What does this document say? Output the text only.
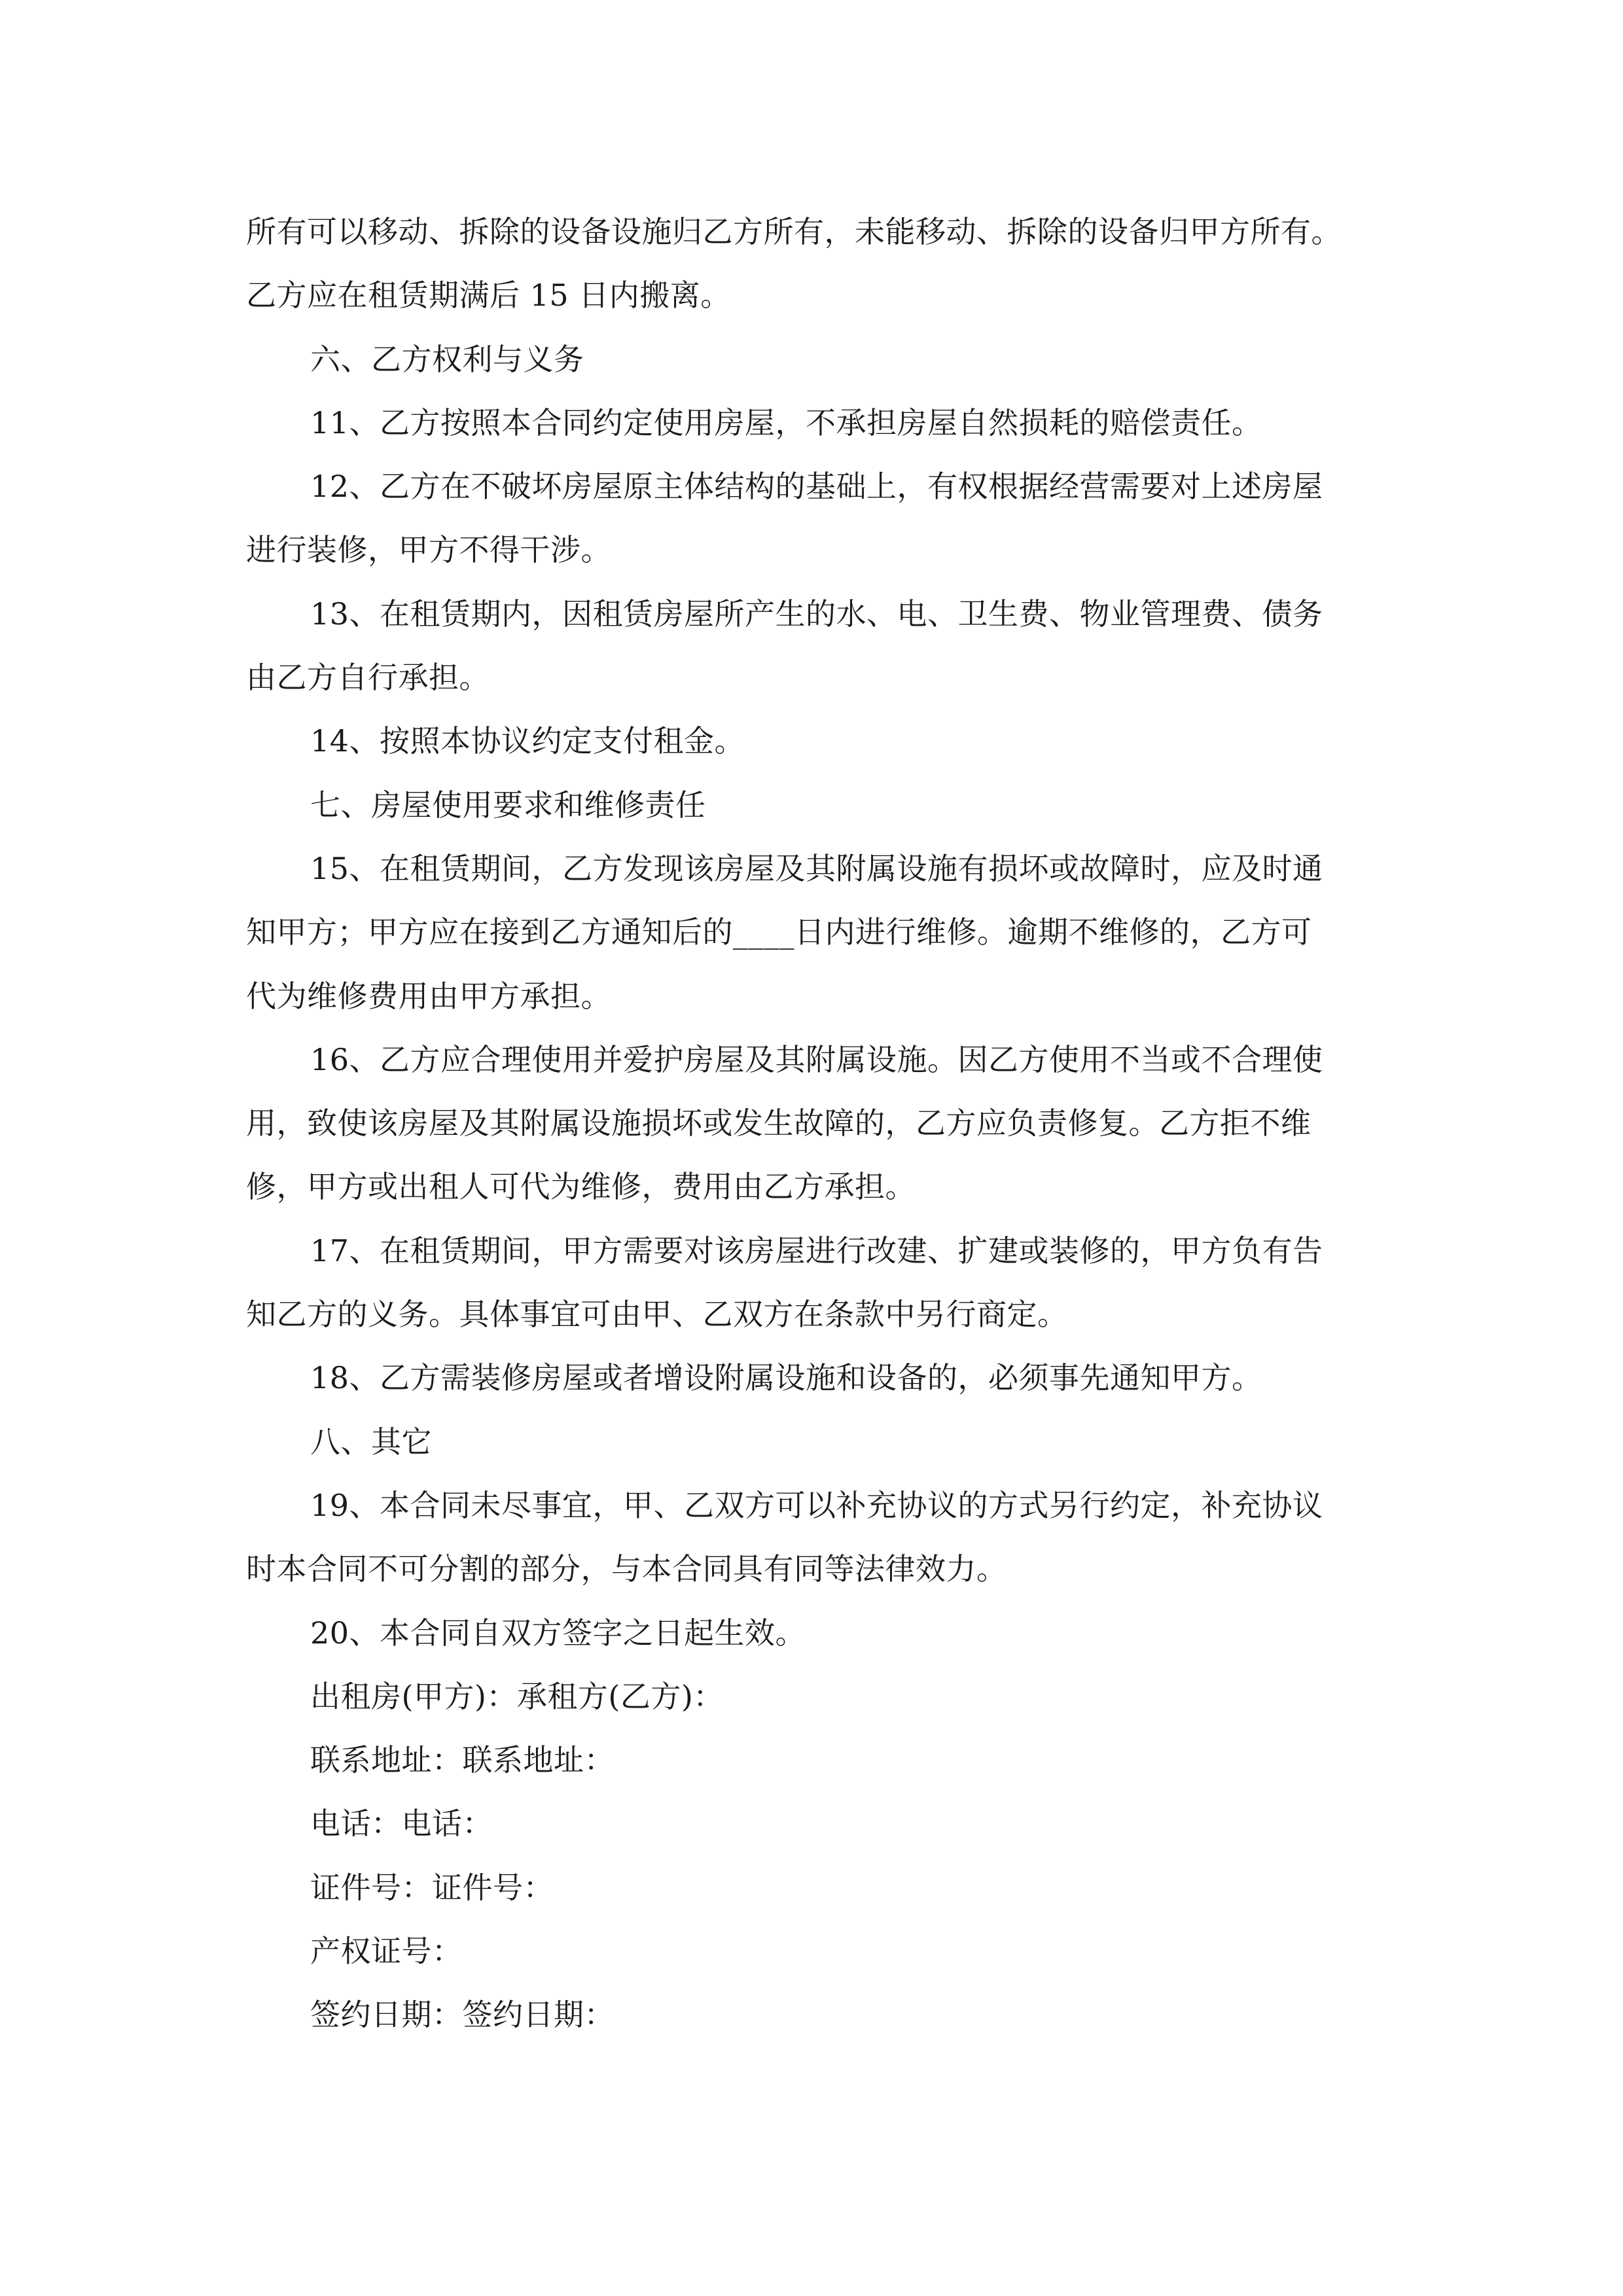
所有可以移动、拆除的设备设施归乙方所有，未能移动、拆除的设备归甲方所有。
乙方应在租赁期满后 15 日内搬离。
六、乙方权利与义务
11、乙方按照本合同约定使用房屋，不承担房屋自然损耗的赔偿责任。
12、乙方在不破坏房屋原主体结构的基础上，有权根据经营需要对上述房屋
进行装修，甲方不得干涉。
13、在租赁期内，因租赁房屋所产生的水、电、卫生费、物业管理费、债务
由乙方自行承担。
14、按照本协议约定支付租金。
七、房屋使用要求和维修责任
15、在租赁期间，乙方发现该房屋及其附属设施有损坏或故障时，应及时通
知甲方；甲方应在接到乙方通知后的____日内进行维修。逾期不维修的，乙方可
代为维修费用由甲方承担。
16、乙方应合理使用并爱护房屋及其附属设施。因乙方使用不当或不合理使
用，致使该房屋及其附属设施损坏或发生故障的，乙方应负责修复。乙方拒不维
修，甲方或出租人可代为维修，费用由乙方承担。
17、在租赁期间，甲方需要对该房屋进行改建、扩建或装修的，甲方负有告
知乙方的义务。具体事宜可由甲、乙双方在条款中另行商定。
18、乙方需装修房屋或者增设附属设施和设备的，必须事先通知甲方。
八、其它
19、本合同未尽事宜，甲、乙双方可以补充协议的方式另行约定，补充协议
时本合同不可分割的部分，与本合同具有同等法律效力。
20、本合同自双方签字之日起生效。
出租房(甲方)：承租方(乙方)：
联系地址：联系地址：
电话：电话：
证件号：证件号：
产权证号：
签约日期：签约日期：
